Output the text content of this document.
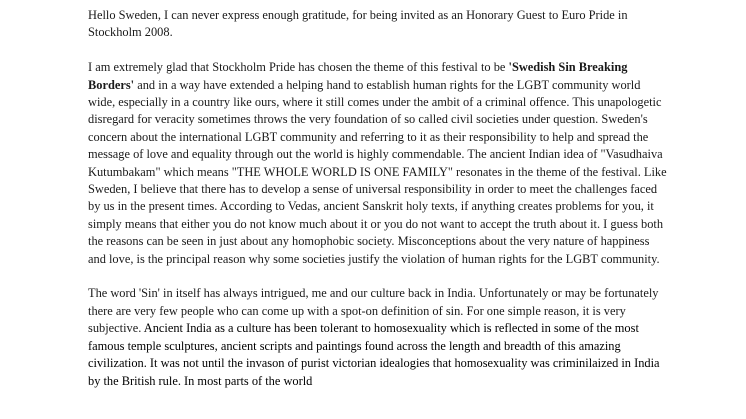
Hello Sweden, I can never express enough gratitude, for being invited as an Honorary Guest to Euro Pride in Stockholm 2008.

I am extremely glad that Stockholm Pride has chosen the theme of this festival to be 'Swedish Sin Breaking Borders' and in a way have extended a helping hand to establish human rights for the LGBT community world wide, especially in a country like ours, where it still comes under the ambit of a criminal offence. This unapologetic disregard for veracity sometimes throws the very foundation of so called civil societies under question. Sweden's concern about the international LGBT community and referring to it as their responsibility to help and spread the message of love and equality through out the world is highly commendable. The ancient Indian idea of "Vasudhaiva Kutumbakam" which means "THE WHOLE WORLD IS ONE FAMILY" resonates in the theme of the festival. Like Sweden, I believe that there has to develop a sense of universal responsibility in order to meet the challenges faced by us in the present times. According to Vedas, ancient Sanskrit holy texts, if anything creates problems for you, it simply means that either you do not know much about it or you do not want to accept the truth about it. I guess both the reasons can be seen in just about any homophobic society. Misconceptions about the very nature of happiness and love, is the principal reason why some societies justify the violation of human rights for the LGBT community.

The word 'Sin' in itself has always intrigued, me and our culture back in India. Unfortunately or may be fortunately there are very few people who can come up with a spot-on definition of sin. For one simple reason, it is very subjective. Ancient India as a culture has been tolerant to homosexuality which is reflected in some of the most famous temple sculptures, ancient scripts and paintings found across the length and breadth of this amazing civilization. It was not until the invason of purist victorian idealogies that homosexuality was criminilaized in India by the British rule. In most parts of the world
